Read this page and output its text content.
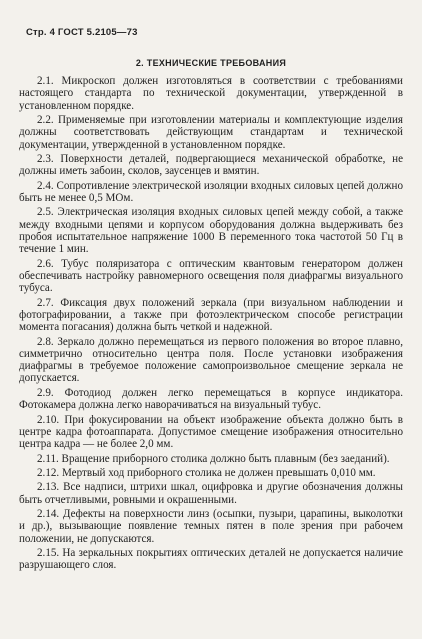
Стр. 4 ГОСТ 5.2105—73
2. ТЕХНИЧЕСКИЕ ТРЕБОВАНИЯ

2.1. Микроскоп должен изготовляться в соответствии с требованиями настоящего стандарта по технической документации, утвержденной в установленном порядке.

2.2. Применяемые при изготовлении материалы и комплектующие изделия должны соответствовать действующим стандартам и технической документации, утвержденной в установленном порядке.

2.3. Поверхности деталей, подвергающиеся механической обработке, не должны иметь забоин, сколов, заусенцев и вмятин.

2.4. Сопротивление электрической изоляции входных силовых цепей должно быть не менее 0,5 МОм.

2.5. Электрическая изоляция входных силовых цепей между собой, а также между входными цепями и корпусом оборудования должна выдерживать без пробоя испытательное напряжение 1000 В переменного тока частотой 50 Гц в течение 1 мин.

2.6. Тубус поляризатора с оптическим квантовым генератором должен обеспечивать настройку равномерного освещения поля диафрагмы визуального тубуса.

2.7. Фиксация двух положений зеркала (при визуальном наблюдении и фотографировании, а также при фотоэлектрическом способе регистрации момента погасания) должна быть четкой и надежной.

2.8. Зеркало должно перемещаться из первого положения во второе плавно, симметрично относительно центра поля. После установки изображения диафрагмы в требуемое положение самопроизвольное смещение зеркала не допускается.

2.9. Фотодиод должен легко перемещаться в корпусе индикатора. Фотокамера должна легко наворачиваться на визуальный тубус.

2.10. При фокусировании на объект изображение объекта должно быть в центре кадра фотоаппарата. Допустимое смещение изображения относительно центра кадра — не более 2,0 мм.

2.11. Вращение приборного столика должно быть плавным (без заеданий).

2.12. Мертвый ход приборного столика не должен превышать 0,010 мм.

2.13. Все надписи, штрихи шкал, оцифровка и другие обозначения должны быть отчетливыми, ровными и окрашенными.

2.14. Дефекты на поверхности линз (осыпки, пузыри, царапины, выколотки и др.), вызывающие появление темных пятен в поле зрения при рабочем положении, не допускаются.

2.15. На зеркальных покрытиях оптических деталей не допускается наличие разрушающего слоя.
